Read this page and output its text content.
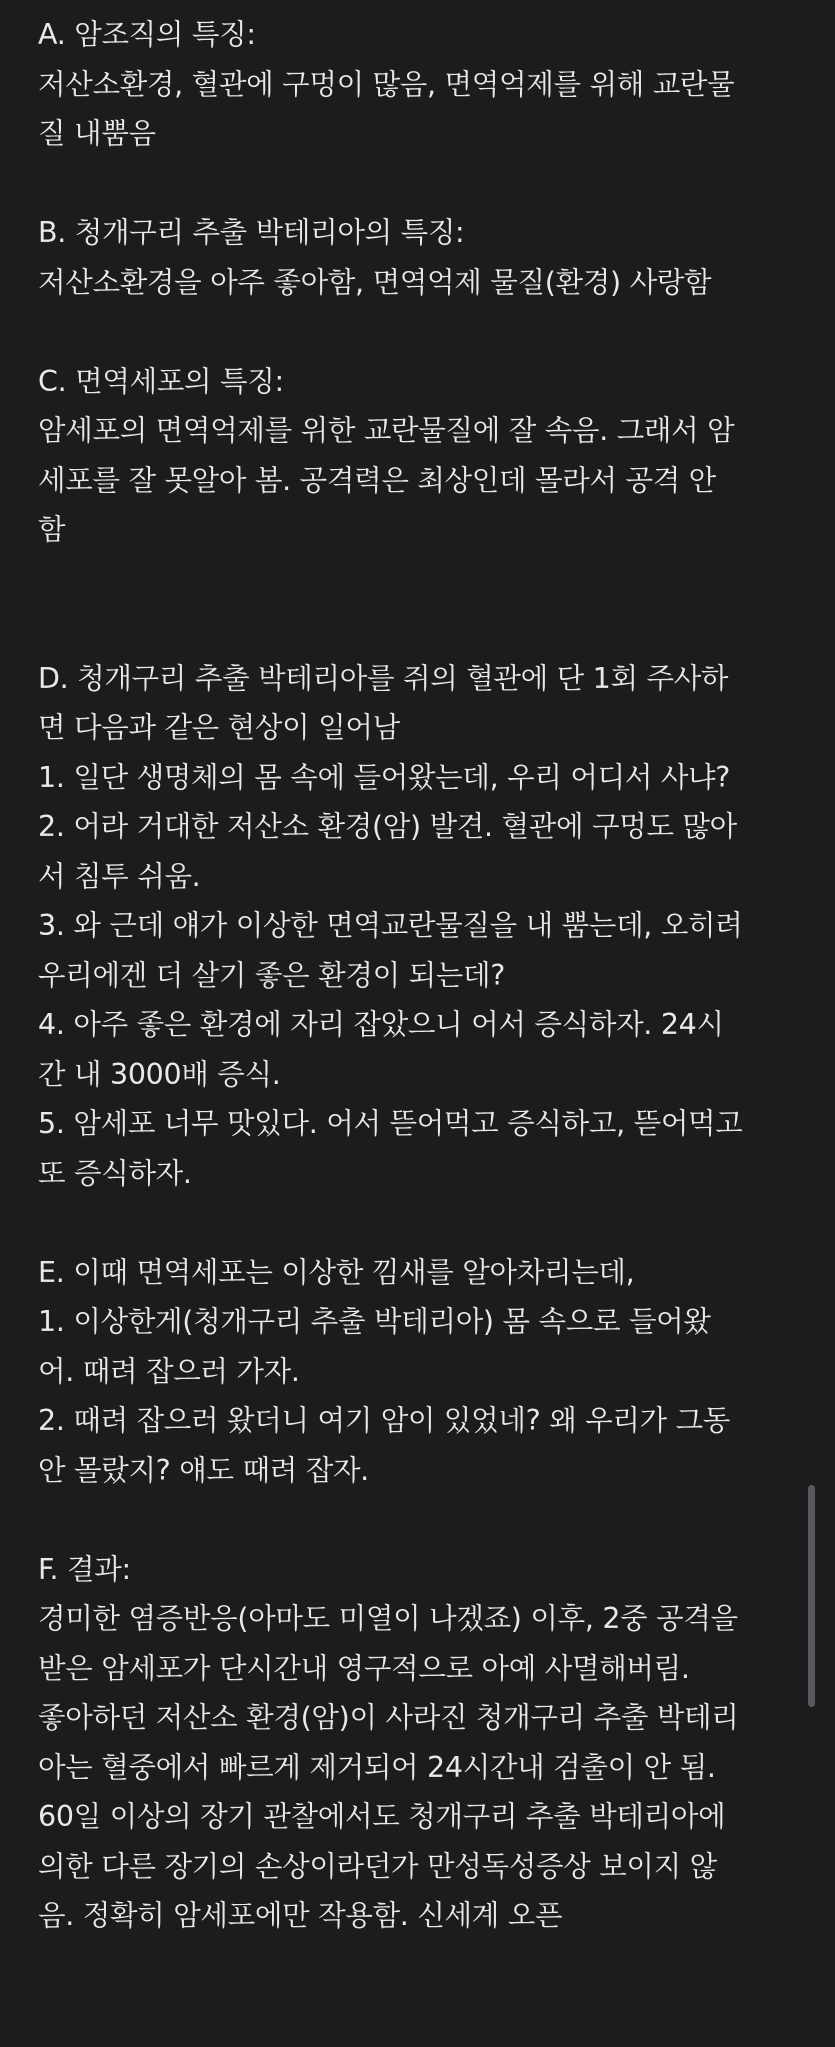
A. 암조직의 특징:
저산소환경, 혈관에 구멍이 많음, 면역억제를 위해 교란물
질 내뿜음
B. 청개구리 추출 박테리아의 특징:
저산소환경을 아주 좋아함, 면역억제 물질(환경) 사랑함
C. 면역세포의 특징:
암세포의 면역억제를 위한 교란물질에 잘 속음. 그래서 암
세포를 잘 못알아 봄. 공격력은 최상인데 몰라서 공격 안
함
D. 청개구리 추출 박테리아를 쥐의 혈관에 단 1회 주사하
면 다음과 같은 현상이 일어남
1. 일단 생명체의 몸 속에 들어왔는데, 우리 어디서 사냐?
2. 어라 거대한 저산소 환경(암) 발견. 혈관에 구멍도 많아
서 침투 쉬움.
3. 와 근데 얘가 이상한 면역교란물질을 내 뿜는데, 오히려
우리에겐 더 살기 좋은 환경이 되는데?
4. 아주 좋은 환경에 자리 잡았으니 어서 증식하자. 24시
간 내 3000배 증식.
5. 암세포 너무 맛있다. 어서 뜯어먹고 증식하고, 뜯어먹고
또 증식하자.
E. 이때 면역세포는 이상한 낌새를 알아차리는데,
1. 이상한게(청개구리 추출 박테리아) 몸 속으로 들어왔
어. 때려 잡으러 가자.
2. 때려 잡으러 왔더니 여기 암이 있었네? 왜 우리가 그동
안 몰랐지? 얘도 때려 잡자.
F. 결과:
경미한 염증반응(아마도 미열이 나겠죠) 이후, 2중 공격을
받은 암세포가 단시간내 영구적으로 아예 사멸해버림.
좋아하던 저산소 환경(암)이 사라진 청개구리 추출 박테리
아는 혈중에서 빠르게 제거되어 24시간내 검출이 안 됨.
60일 이상의 장기 관찰에서도 청개구리 추출 박테리아에
의한 다른 장기의 손상이라던가 만성독성증상 보이지 않
음. 정확히 암세포에만 작용함. 신세계 오픈
